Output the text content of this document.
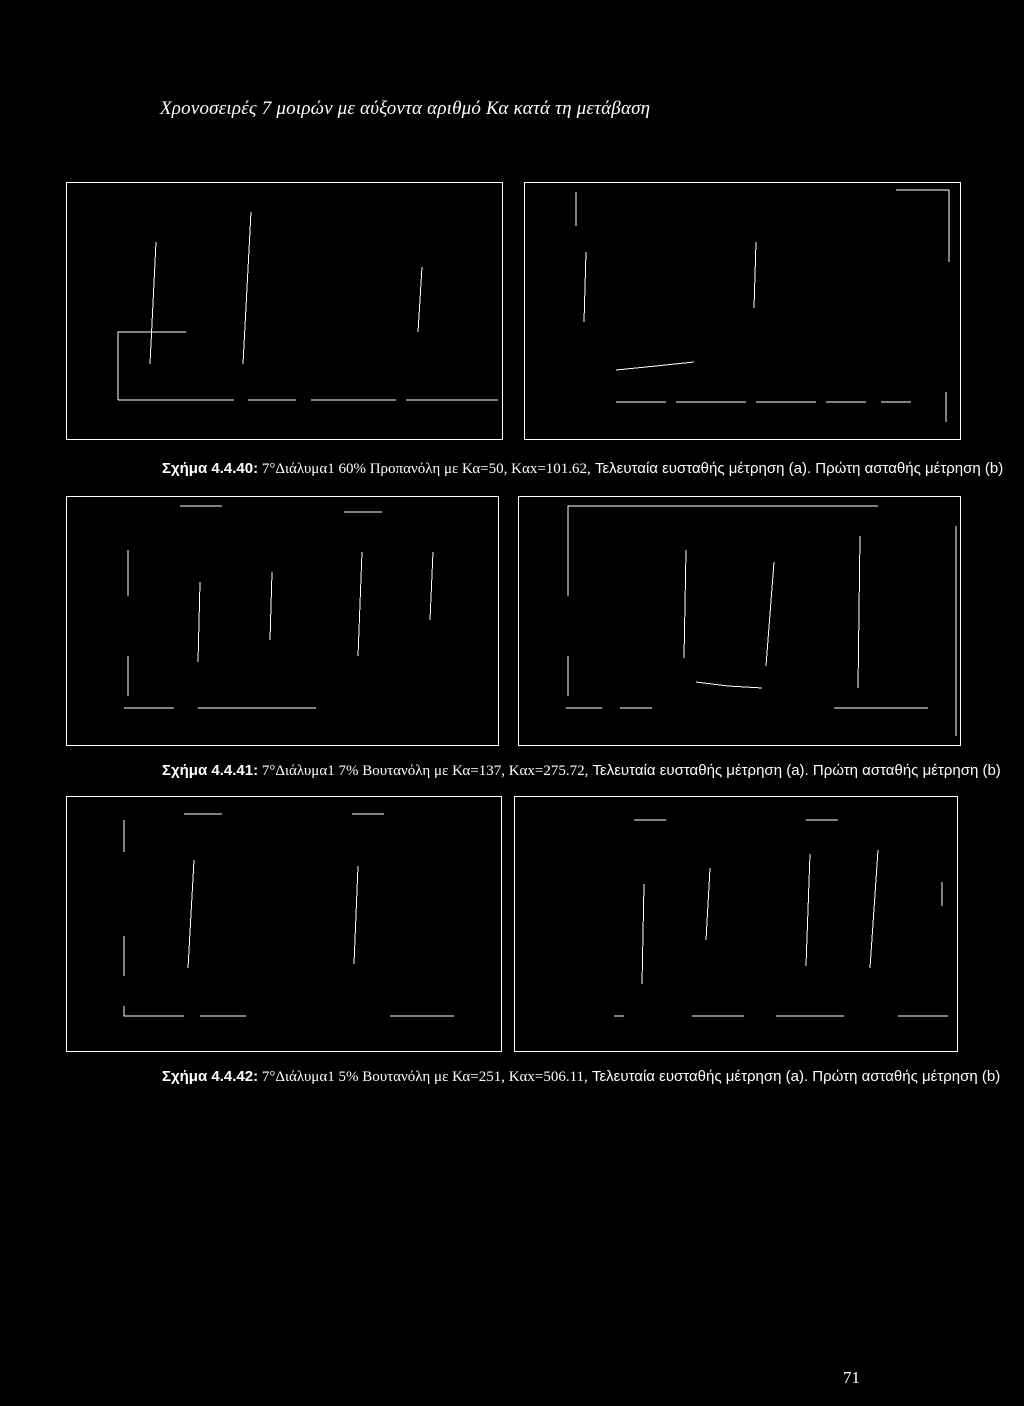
Χρονοσειρές 7 μοιρών με αύξοντα αριθμό Κα κατά τη μετάβαση
Σχήμα 4.4.40: 7°Διάλυμα1 60% Προπανόλη με Κα=50, Kαx=101.62, Τελευταία ευσταθής μέτρηση (a). Πρώτη ασταθής μέτρηση (b)
Σχήμα 4.4.41: 7°Διάλυμα1 7% Βουτανόλη με Κα=137, Kαx=275.72, Τελευταία ευσταθής μέτρηση (a). Πρώτη ασταθής μέτρηση (b)
Σχήμα 4.4.42: 7°Διάλυμα1 5% Βουτανόλη με Κα=251, Kαx=506.11, Τελευταία ευσταθής μέτρηση (a). Πρώτη ασταθής μέτρηση (b)
71
